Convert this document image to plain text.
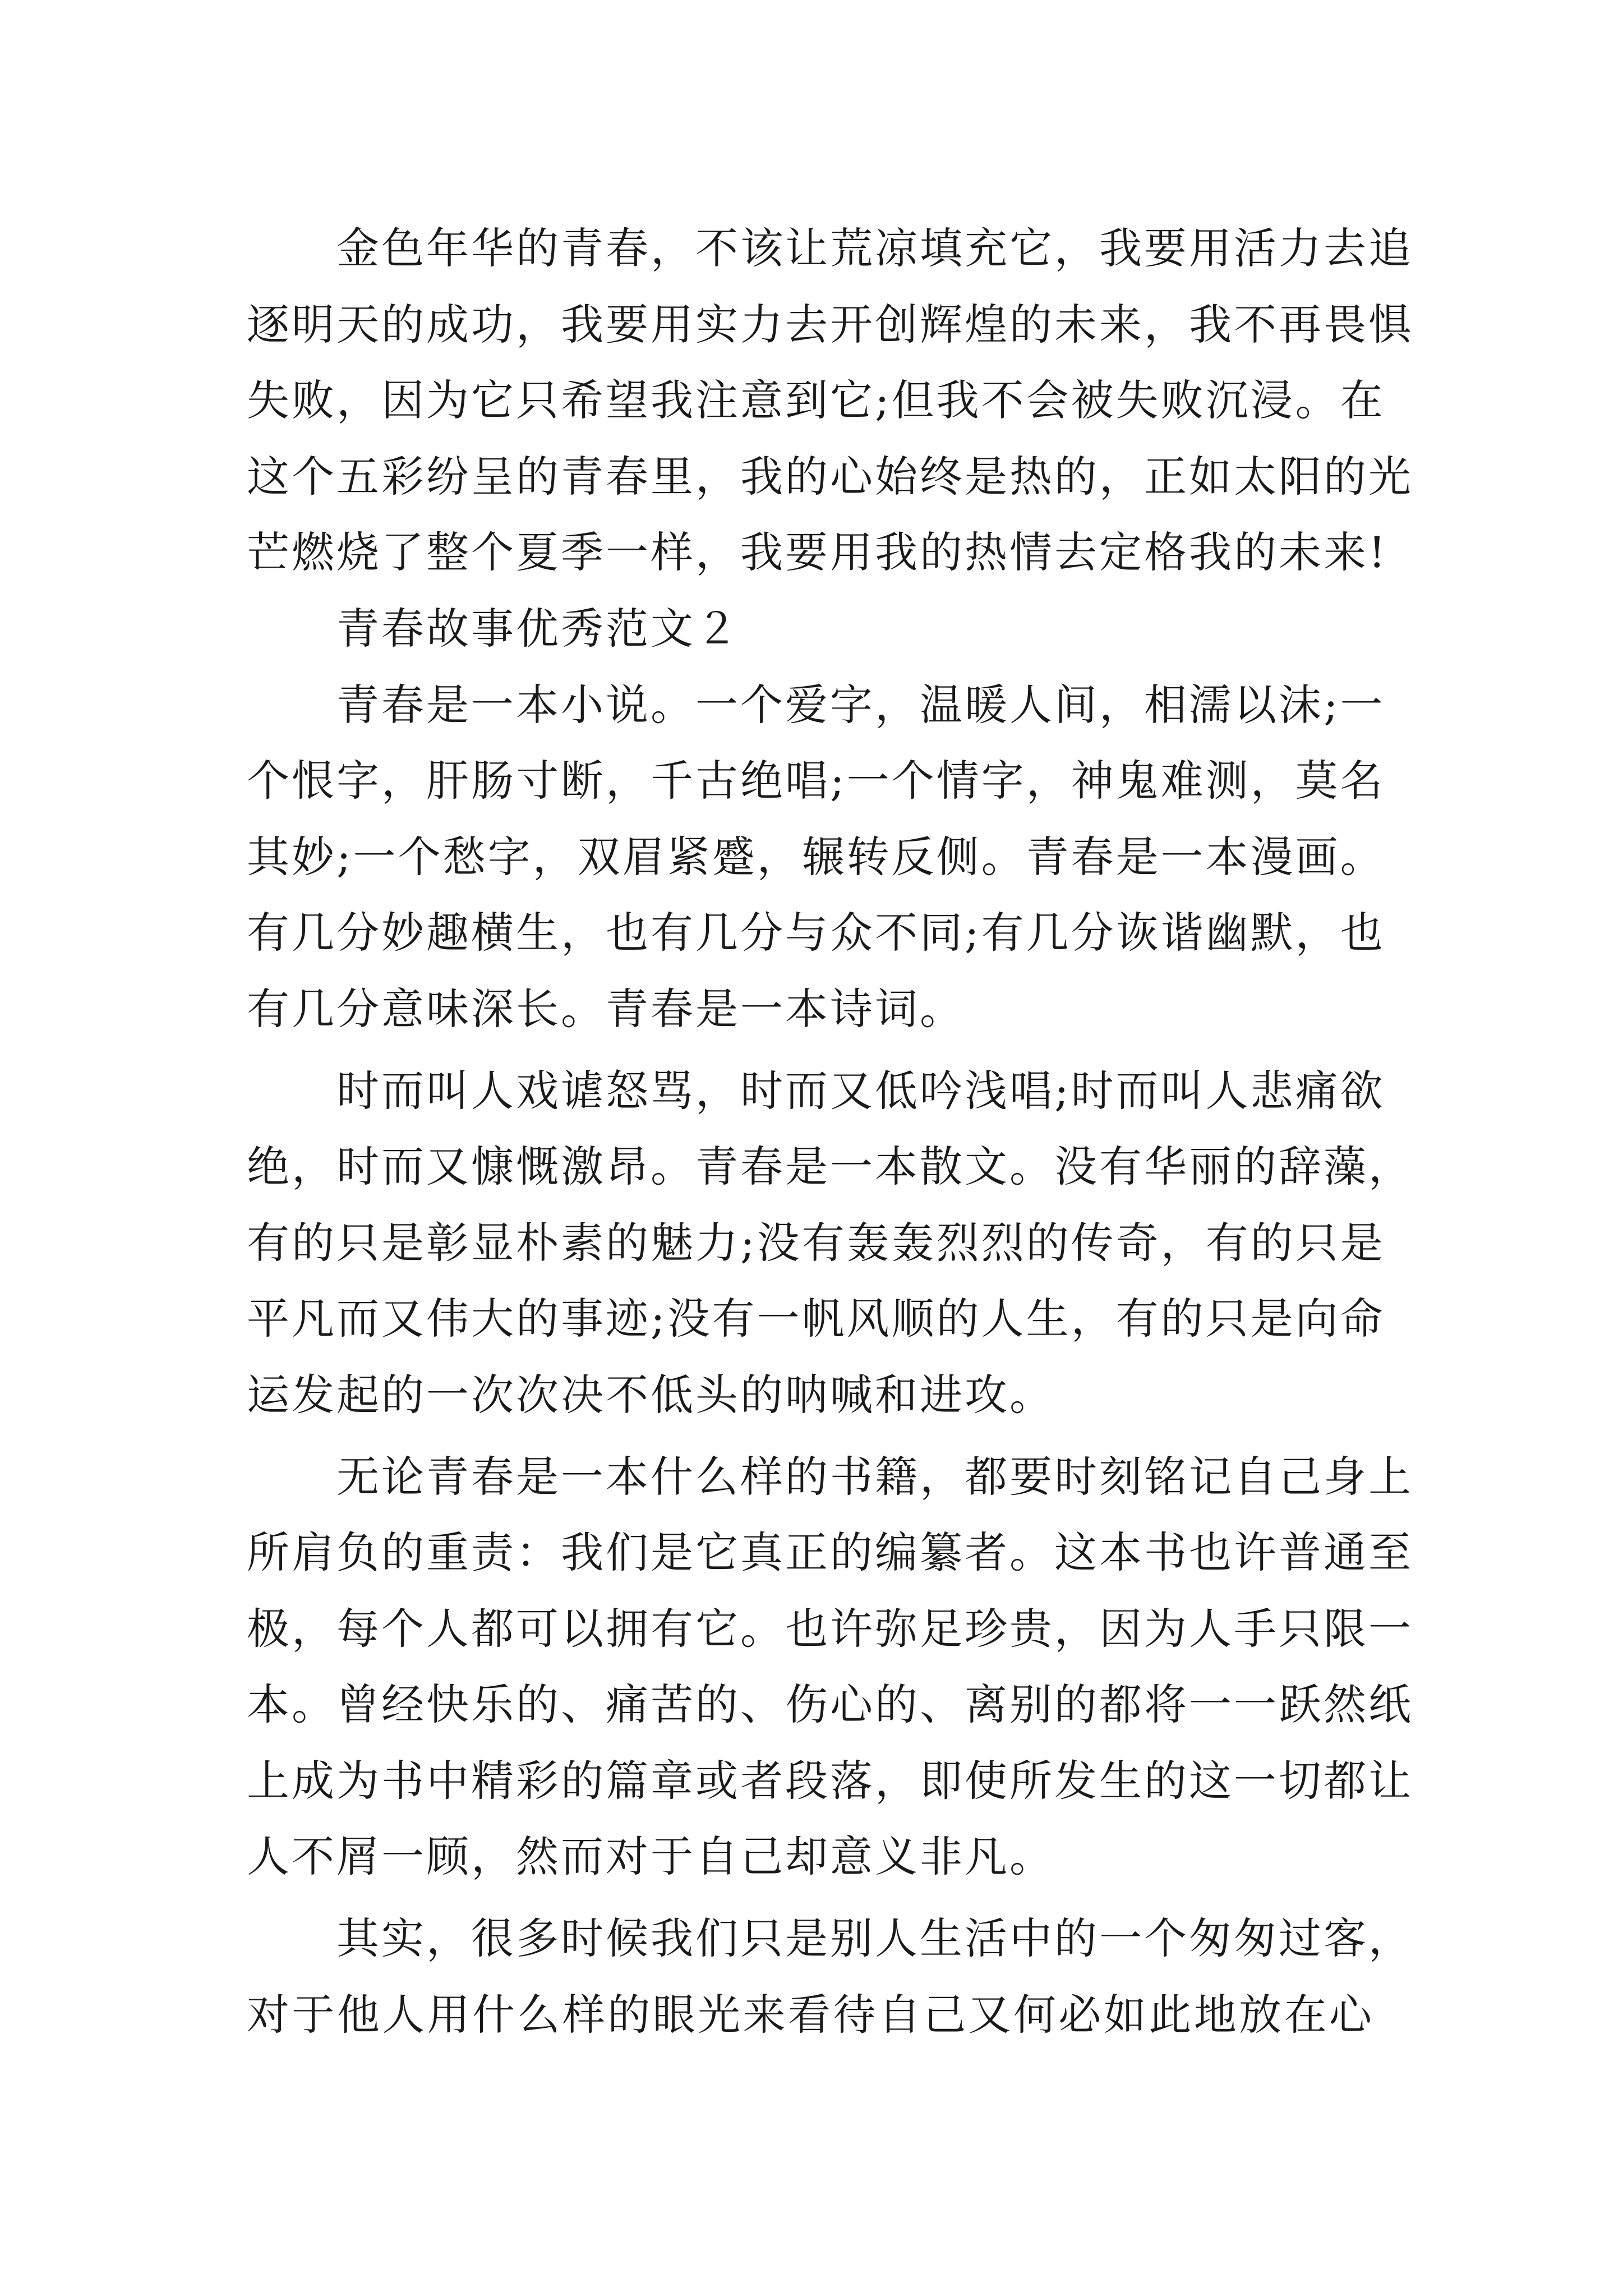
金色年华的青春，不该让荒凉填充它，我要用活力去追
逐明天的成功，我要用实力去开创辉煌的未来，我不再畏惧
失败，因为它只希望我注意到它;但我不会被失败沉浸。在
这个五彩纷呈的青春里，我的心始终是热的，正如太阳的光
芒燃烧了整个夏季一样，我要用我的热情去定格我的未来!
青春故事优秀范文２
青春是一本小说。一个爱字，温暖人间，相濡以沫;一
个恨字，肝肠寸断，千古绝唱;一个情字，神鬼难测，莫名
其妙;一个愁字，双眉紧蹙，辗转反侧。青春是一本漫画。
有几分妙趣横生，也有几分与众不同;有几分诙谐幽默，也
有几分意味深长。青春是一本诗词。
时而叫人戏谑怒骂，时而又低吟浅唱;时而叫人悲痛欲
绝，时而又慷慨激昂。青春是一本散文。没有华丽的辞藻，
有的只是彰显朴素的魅力;没有轰轰烈烈的传奇，有的只是
平凡而又伟大的事迹;没有一帆风顺的人生，有的只是向命
运发起的一次次决不低头的呐喊和进攻。
无论青春是一本什么样的书籍，都要时刻铭记自己身上
所肩负的重责：我们是它真正的编纂者。这本书也许普通至
极，每个人都可以拥有它。也许弥足珍贵，因为人手只限一
本。曾经快乐的、痛苦的、伤心的、离别的都将一一跃然纸
上成为书中精彩的篇章或者段落，即使所发生的这一切都让
人不屑一顾，然而对于自己却意义非凡。
其实，很多时候我们只是别人生活中的一个匆匆过客，
对于他人用什么样的眼光来看待自己又何必如此地放在心
